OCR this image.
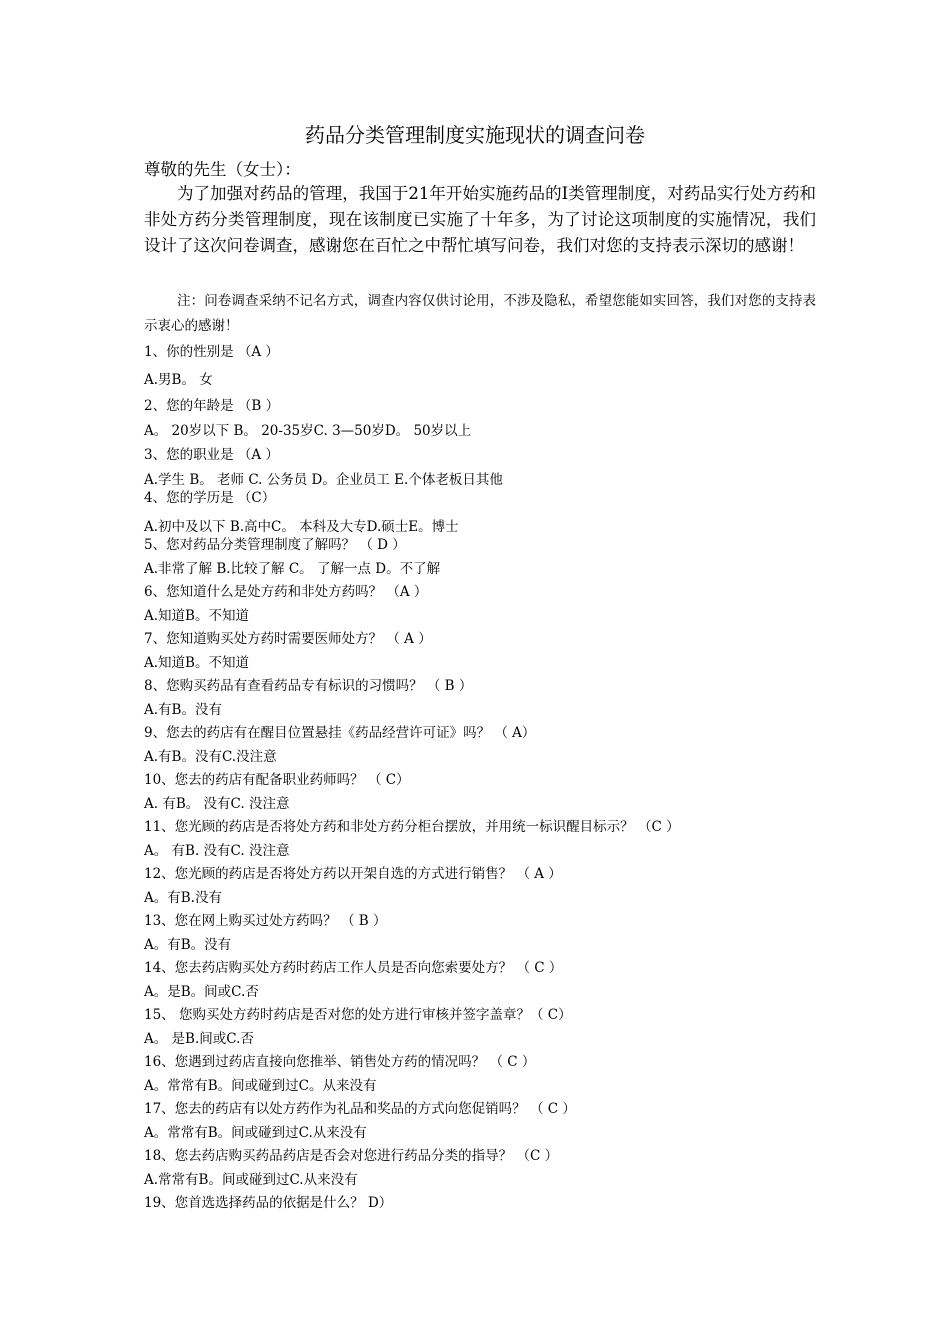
药品分类管理制度实施现状的调查问卷
尊敬的先生（女士）：
为了加强对药品的管理，我国于21年开始实施药品的I类管理制度，对药品实行处方药和非处方药分类管理制度，现在该制度已实施了十年多，为了讨论这项制度的实施情况，我们设计了这次问卷调查，感谢您在百忙之中帮忙填写问卷，我们对您的支持表示深切的感谢！
注：问卷调查采纳不记名方式，调查内容仅供讨论用，不涉及隐私，希望您能如实回答，我们对您的支持表示衷心的感谢！
1、你的性别是 （A ）
A.男B。 女
2、您的年龄是 （B ）
A。 20岁以下 B。 20-35岁C. 3—50岁D。 50岁以上
3、您的职业是 （A ）
A.学生 B。 老师 C. 公务员 D。企业员工 E.个体老板日其他
4、您的学历是 （C）
A.初中及以下 B.高中C。 本科及大专D.硕士E。博士
5、您对药品分类管理制度了解吗？ （ D ）
A.非常了解 B.比较了解 C。 了解一点 D。不了解
6、您知道什么是处方药和非处方药吗？ （A ）
A.知道B。不知道
7、您知道购买处方药时需要医师处方？ （ A ）
A.知道B。不知道
8、您购买药品有查看药品专有标识的习惯吗？ （ B ）
A.有B。没有
9、您去的药店有在醒目位置悬挂《药品经营许可证》吗？ （ A）
A.有B。没有C.没注意
10、您去的药店有配备职业药师吗？ （ C）
A. 有B。 没有C. 没注意
11、您光顾的药店是否将处方药和非处方药分柜台摆放，并用统一标识醒目标示？ （C ）
A。 有B. 没有C. 没注意
12、您光顾的药店是否将处方药以开架自选的方式进行销售？ （ A ）
A。有B.没有
13、您在网上购买过处方药吗？ （ B ）
A。有B。没有
14、您去药店购买处方药时药店工作人员是否向您索要处方？ （ C ）
A。是B。间或C.否
15、 您购买处方药时药店是否对您的处方进行审核并签字盖章？（ C）
A。 是B.间或C.否
16、您遇到过药店直接向您推举、销售处方药的情况吗？ （ C ）
A。常常有B。间或碰到过C。从来没有
17、您去的药店有以处方药作为礼品和奖品的方式向您促销吗？ （ C ）
A。常常有B。间或碰到过C.从来没有
18、您去药店购买药品药店是否会对您进行药品分类的指导？ （C ）
A.常常有B。间或碰到过C.从来没有
19、您首选选择药品的依据是什么？ D）
